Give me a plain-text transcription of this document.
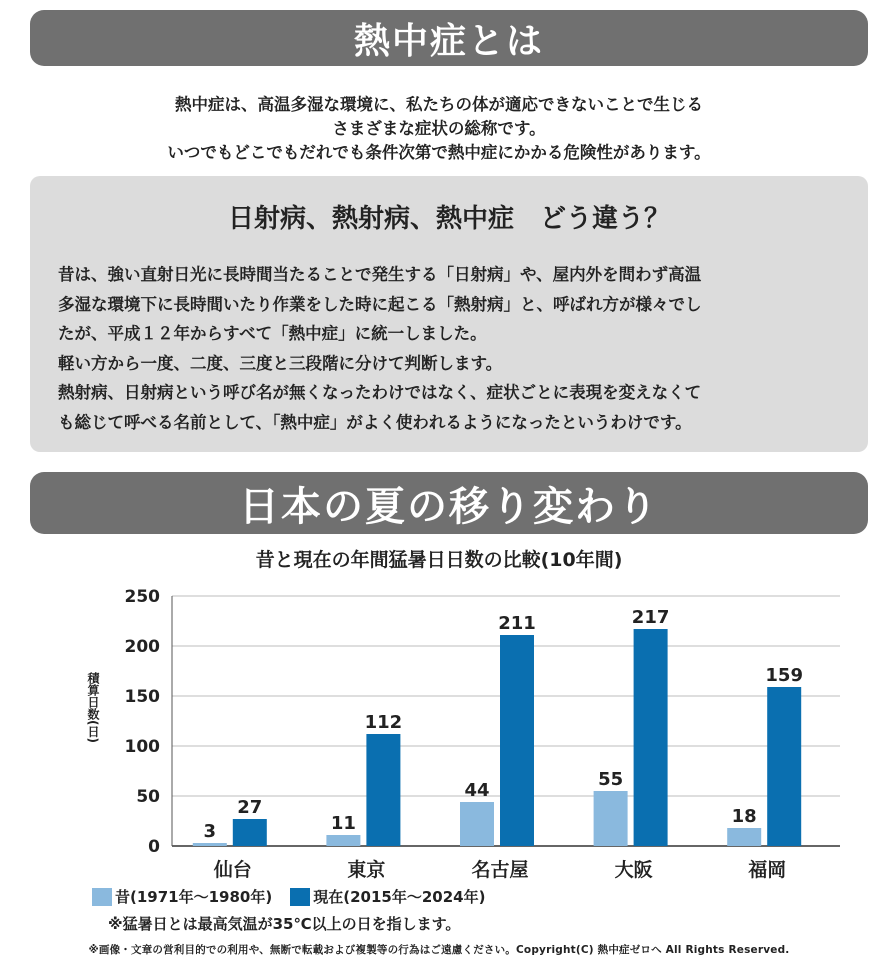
熱中症とは
熱中症は、高温多湿な環境に、私たちの体が適応できないことで生じる
さまざまな症状の総称です。
いつでもどこでもだれでも条件次第で熱中症にかかる危険性があります。
日射病、熱射病、熱中症　どう違う？
昔は、強い直射日光に長時間当たることで発生する「日射病」や、屋内外を問わず高温
多湿な環境下に長時間いたり作業をした時に起こる「熱射病」と、呼ばれ方が様々でし
たが、平成１２年からすべて「熱中症」に統一しました。
軽い方から一度、二度、三度と三段階に分けて判断します。
熱射病、日射病という呼び名が無くなったわけではなく、症状ごとに表現を変えなくて
も総じて呼べる名前として、「熱中症」がよく使われるようになったというわけです。
日本の夏の移り変わり
昔と現在の年間猛暑日日数の比較(10年間)
0
50
100
150
200
250
3
27
仙台
11
112
東京
44
211
名古屋
55
217
大阪
18
159
福岡
積算日数(日)
昔(1971年〜1980年)	現在(2015年〜2024年)
※猛暑日とは最高気温が35℃以上の日を指します。
※画像・文章の営利目的での利用や、無断で転載および複製等の行為はご遠慮ください。Copyright(C) 熱中症ゼロへ All Rights Reserved.
